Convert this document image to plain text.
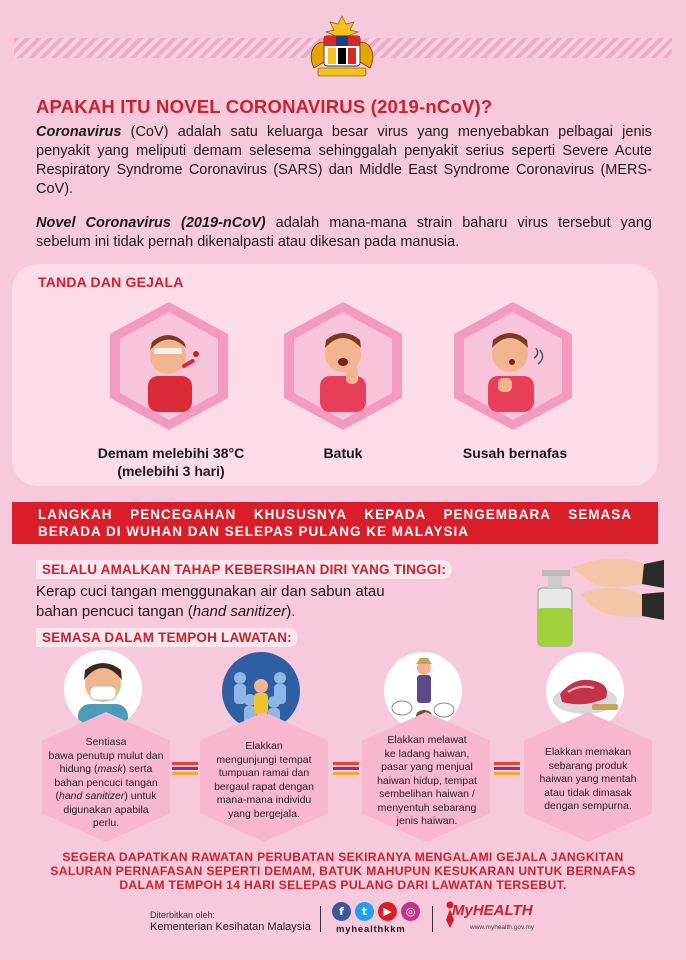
APAKAH ITU NOVEL CORONAVIRUS (2019-nCoV)?

Coronavirus (CoV) adalah satu keluarga besar virus yang menyebabkan pelbagai jenis penyakit yang meliputi demam selesema sehinggalah penyakit serius seperti Severe Acute Respiratory Syndrome Coronavirus (SARS) dan Middle East Syndrome Coronavirus (MERS-CoV).

Novel Coronavirus (2019-nCoV) adalah mana-mana strain baharu virus tersebut yang sebelum ini tidak pernah dikenalpasti atau dikesan pada manusia.

TANDA DAN GEJALA
Demam melebihi 38°C
(melebihi 3 hari)
Batuk	Susah bernafas
LANGKAH PENCEGAHAN KHUSUSNYA KEPADA PENGEMBARA SEMASA BERADA DI WUHAN DAN SELEPAS PULANG KE MALAYSIA
SELALU AMALKAN TAHAP KEBERSIHAN DIRI YANG TINGGI:
Kerap cuci tangan menggunakan air dan sabun atau
bahan pencuci tangan (hand sanitizer).
SEMASA DALAM TEMPOH LAWATAN:
Sentiasa
bawa penutup mulut dan
hidung (mask) serta
bahan pencuci tangan
(hand sanitizer) untuk
digunakan apabila
perlu.
Elakkan
mengunjungi tempat
tumpuan ramai dan
bergaul rapat dengan
mana-mana individu
yang bergejala.
Elakkan melawat
ke ladang haiwan,
pasar yang menjual
haiwan hidup, tempat
sembelihan haiwan /
menyentuh sebarang
jenis haiwan.
Elakkan memakan
sebarang produk
haiwan yang mentah
atau tidak dimasak
dengan sempurna.
SEGERA DAPATKAN RAWATAN PERUBATAN SEKIRANYA MENGALAMI GEJALA JANGKITAN
SALURAN PERNAFASAN SEPERTI DEMAM, BATUK MAHUPUN KESUKARAN UNTUK BERNAFAS
DALAM TEMPOH 14 HARI SELEPAS PULANG DARI LAWATAN TERSEBUT.
Diterbitkan oleh:
Kementerian Kesihatan Malaysia
f	t	▶	◎
myhealthkkm
MyHEALTH
www.myhealth.gov.my
